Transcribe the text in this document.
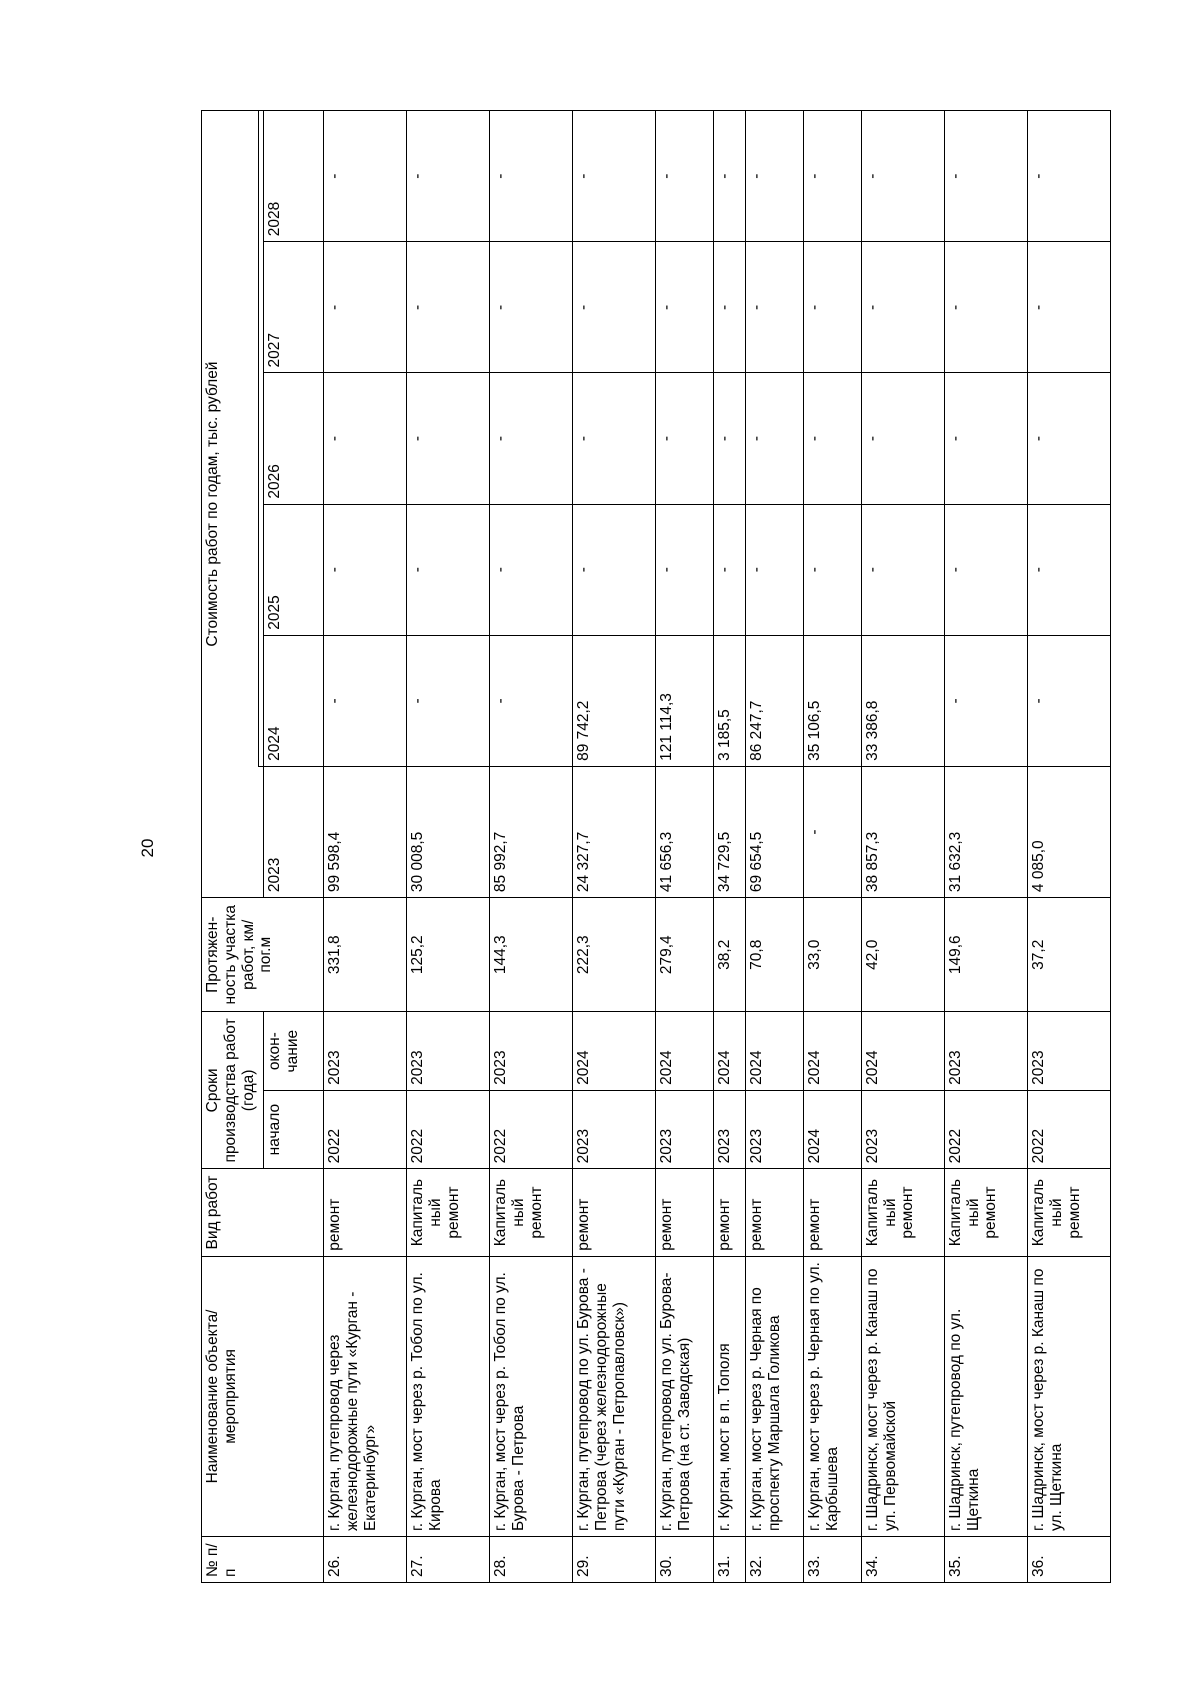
20
№ п/п	Наименование объекта/ мероприятия	Вид работ	Сроки производства работ (года)		Протяжен-ность участка работ, км/пог.м	Стоимость работ по годам, тыс. рублей					

			начало	окон-чание		2023	2024	2025	2026	2027	2028
26.	г. Курган, путепровод через железнодорожные пути «Курган - Екатеринбург»	ремонт	2022	2023	331,8	99 598,4	-	-	-	-	-
27.	г. Курган, мост через р. Тобол по ул. Кирова	Капиталь ный ремонт	2022	2023	125,2	30 008,5	-	-	-	-	-
28.	г. Курган, мост через р. Тобол по ул. Бурова - Петрова	Капиталь ный ремонт	2022	2023	144,3	85 992,7	-	-	-	-	-
29.	г. Курган, путепровод по ул. Бурова - Петрова (через железнодорожные пути «Курган - Петропавловск»)	ремонт	2023	2024	222,3	24 327,7	89 742,2	-	-	-	-
30.	г. Курган, путепровод по ул. Бурова-Петрова (на ст. Заводская)	ремонт	2023	2024	279,4	41 656,3	121 114,3	-	-	-	-
31.	г. Курган, мост в п. Тополя	ремонт	2023	2024	38,2	34 729,5	3 185,5	-	-	-	-
32.	г. Курган, мост через р. Черная по проспекту Маршала Голикова	ремонт	2023	2024	70,8	69 654,5	86 247,7	-	-	-	-
33.	г. Курган, мост через р. Черная по ул. Карбышева	ремонт	2024	2024	33,0	-	35 106,5	-	-	-	-
34.	г. Шадринск, мост через р. Канаш по ул. Первомайской	Капиталь ный ремонт	2023	2024	42,0	38 857,3	33 386,8	-	-	-	-
35.	г. Шадринск, путепровод по ул. Щеткина	Капиталь ный ремонт	2022	2023	149,6	31 632,3	-	-	-	-	-
36.	г. Шадринск, мост через р. Канаш по ул. Щеткина	Капиталь ный ремонт	2022	2023	37,2	4 085,0	-	-	-	-	-
